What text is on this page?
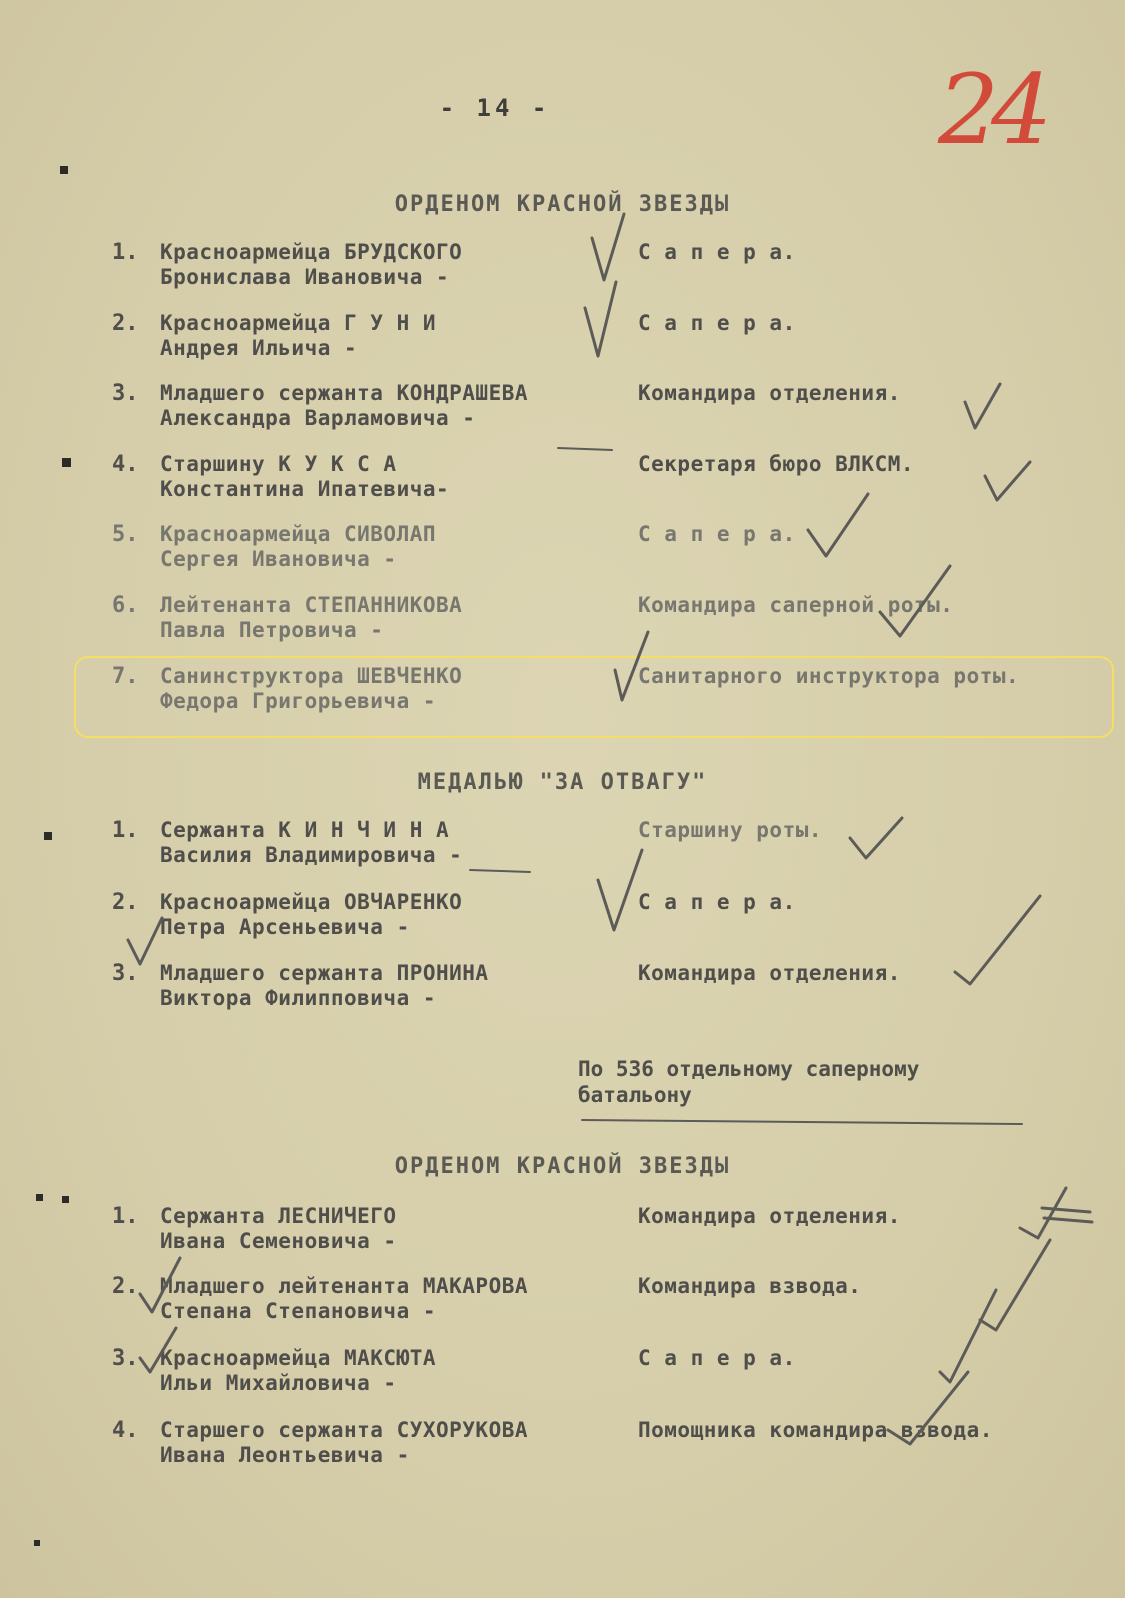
- 14 -	24
ОРДЕНОМ КРАСНОЙ ЗВЕЗДЫ
1. Красноармейца БРУДСКОГО
Бронислава Ивановича -
С а п е р а.
2. Красноармейца Г У Н И
Андрея Ильича -
С а п е р а.
3. Младшего сержанта КОНДРАШЕВА
Александра Варламовича -
Командира отделения.
4. Старшину К У К С А
Константина Ипатевича-
Секретаря бюро ВЛКСМ.
5. Красноармейца СИВОЛАП
Сергея Ивановича -
С а п е р а.
6. Лейтенанта СТЕПАННИКОВА
Павла Петровича -
Командира саперной роты.
7. Санинструктора ШЕВЧЕНКО
Федора Григорьевича -
Санитарного инструктора роты.
МЕДАЛЬЮ "ЗА ОТВАГУ"
1. Сержанта К И Н Ч И Н А
Василия Владимировича -
Старшину роты.
2. Красноармейца ОВЧАРЕНКО
Петра Арсеньевича -
С а п е р а.
3. Младшего сержанта ПРОНИНА
Виктора Филипповича -
Командира отделения.
По 536 отдельному саперному
батальону
ОРДЕНОМ КРАСНОЙ ЗВЕЗДЫ
1. Сержанта ЛЕСНИЧЕГО
Ивана Семеновича -
Командира отделения.
2. Младшего лейтенанта МАКАРОВА
Степана Степановича -
Командира взвода.
3. Красноармейца МАКСЮТА
Ильи Михайловича -
С а п е р а.
4. Старшего сержанта СУХОРУКОВА
Ивана Леонтьевича -
Помощника командира взвода.
